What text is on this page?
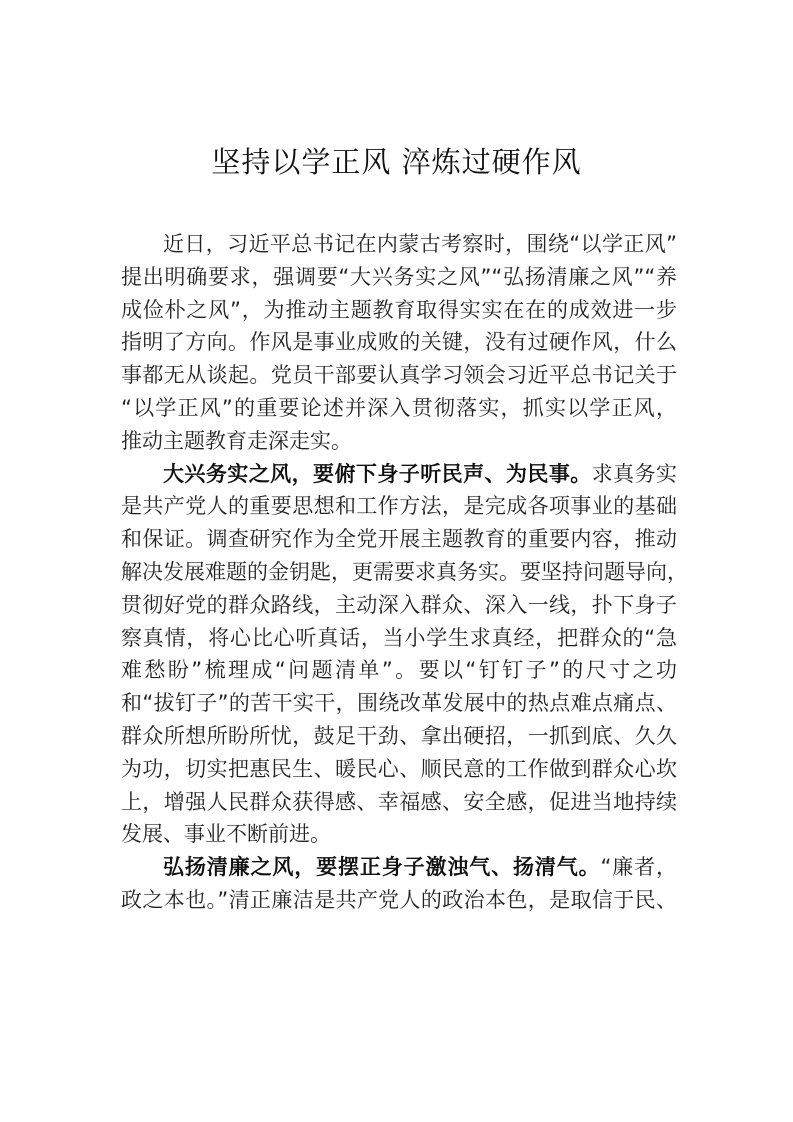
坚持以学正风 淬炼过硬作风
近日，习近平总书记在内蒙古考察时，围绕“以学正风”
提出明确要求，强调要“大兴务实之风”“弘扬清廉之风”“养
成俭朴之风”，为推动主题教育取得实实在在的成效进一步
指明了方向。作风是事业成败的关键，没有过硬作风，什么
事都无从谈起。党员干部要认真学习领会习近平总书记关于
“以学正风”的重要论述并深入贯彻落实，抓实以学正风，
推动主题教育走深走实。
大兴务实之风，要俯下身子听民声、为民事。求真务实
是共产党人的重要思想和工作方法，是完成各项事业的基础
和保证。调查研究作为全党开展主题教育的重要内容，推动
解决发展难题的金钥匙，更需要求真务实。要坚持问题导向，
贯彻好党的群众路线，主动深入群众、深入一线，扑下身子
察真情，将心比心听真话，当小学生求真经，把群众的“急
难愁盼”梳理成“问题清单”。要以“钉钉子”的尺寸之功
和“拔钉子”的苦干实干，围绕改革发展中的热点难点痛点、
群众所想所盼所忧，鼓足干劲、拿出硬招，一抓到底、久久
为功，切实把惠民生、暖民心、顺民意的工作做到群众心坎
上，增强人民群众获得感、幸福感、安全感，促进当地持续
发展、事业不断前进。
弘扬清廉之风，要摆正身子激浊气、扬清气。“廉者，
政之本也。”清正廉洁是共产党人的政治本色，是取信于民、
